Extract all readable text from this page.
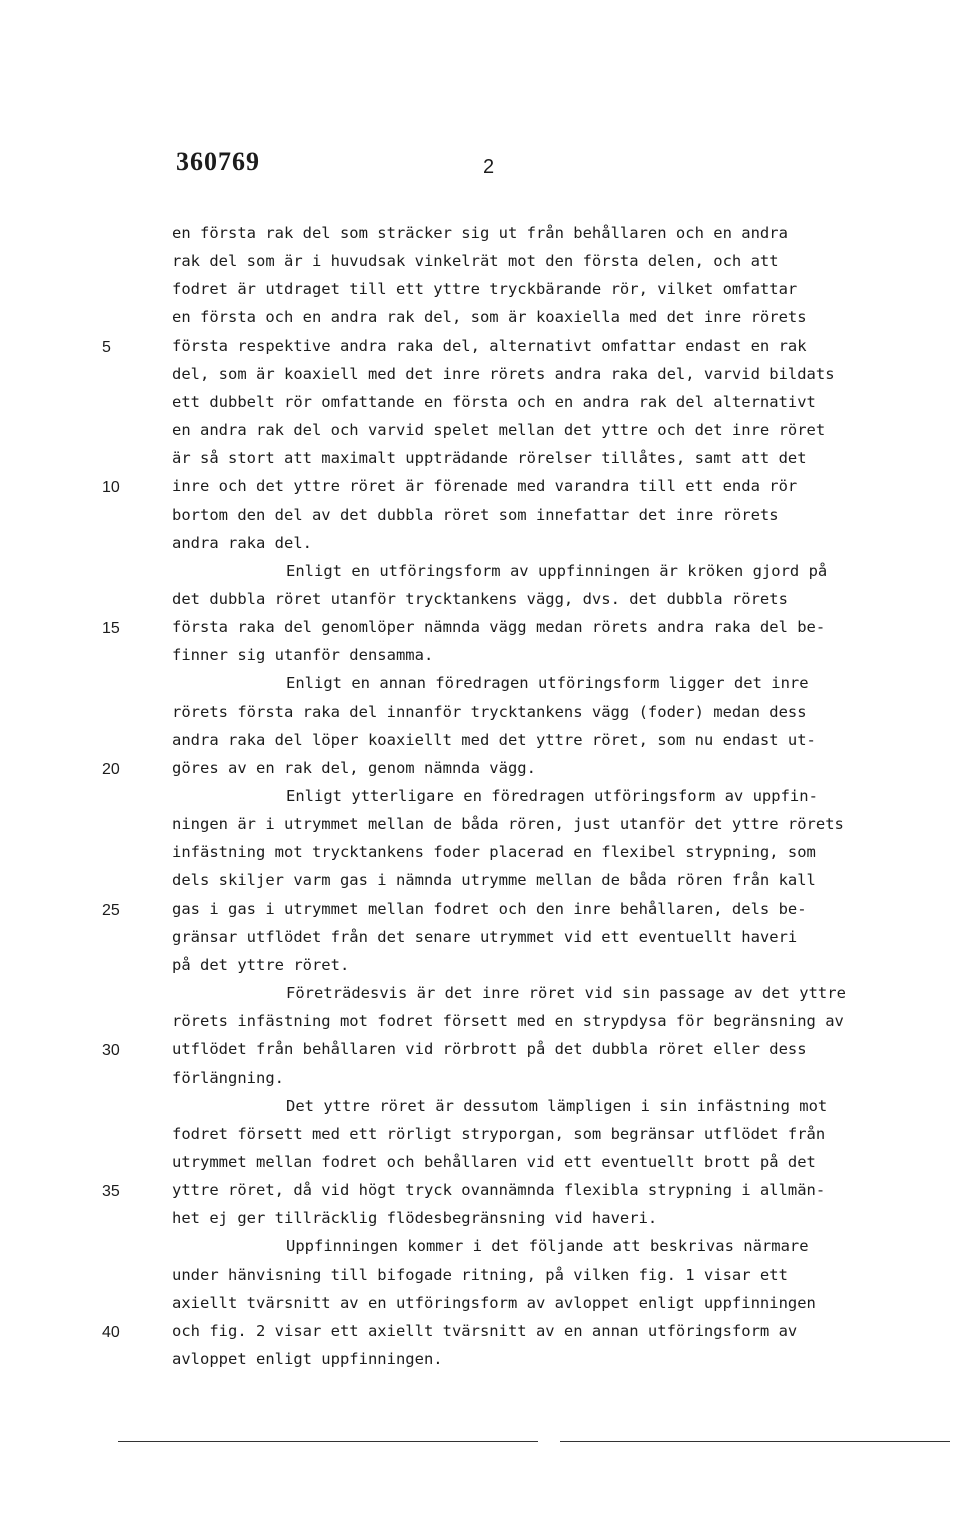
360769	2
en första rak del som sträcker sig ut från behållaren och en andra
rak del som är i huvudsak vinkelrät mot den första delen, och att
fodret är utdraget till ett yttre tryckbärande rör, vilket omfattar
en första och en andra rak del, som är koaxiella med det inre rörets
första respektive andra raka del, alternativt omfattar endast en rak
del, som är koaxiell med det inre rörets andra raka del, varvid bildats
ett dubbelt rör omfattande en första och en andra rak del alternativt
en andra rak del och varvid spelet mellan det yttre och det inre röret
är så stort att maximalt uppträdande rörelser tillåtes, samt att det
inre och det yttre röret är förenade med varandra till ett enda rör
bortom den del av det dubbla röret som innefattar det inre rörets
andra raka del.
Enligt en utföringsform av uppfinningen är kröken gjord på
det dubbla röret utanför trycktankens vägg, dvs. det dubbla rörets
första raka del genomlöper nämnda vägg medan rörets andra raka del be-
finner sig utanför densamma.
Enligt en annan föredragen utföringsform ligger det inre
rörets första raka del innanför trycktankens vägg (foder) medan dess
andra raka del löper koaxiellt med det yttre röret, som nu endast ut-
göres av en rak del, genom nämnda vägg.
Enligt ytterligare en föredragen utföringsform av uppfin-
ningen är i utrymmet mellan de båda rören, just utanför det yttre rörets
infästning mot trycktankens foder placerad en flexibel strypning, som
dels skiljer varm gas i nämnda utrymme mellan de båda rören från kall
gas i gas i utrymmet mellan fodret och den inre behållaren, dels be-
gränsar utflödet från det senare utrymmet vid ett eventuellt haveri
på det yttre röret.
Företrädesvis är det inre röret vid sin passage av det yttre
rörets infästning mot fodret försett med en strypdysa för begränsning av
utflödet från behållaren vid rörbrott på det dubbla röret eller dess
förlängning.
Det yttre röret är dessutom lämpligen i sin infästning mot
fodret försett med ett rörligt stryporgan, som begränsar utflödet från
utrymmet mellan fodret och behållaren vid ett eventuellt brott på det
yttre röret, då vid högt tryck ovannämnda flexibla strypning i allmän-
het ej ger tillräcklig flödesbegränsning vid haveri.
Uppfinningen kommer i det följande att beskrivas närmare
under hänvisning till bifogade ritning, på vilken fig. 1 visar ett
axiellt tvärsnitt av en utföringsform av avloppet enligt uppfinningen
och fig. 2 visar ett axiellt tvärsnitt av en annan utföringsform av
avloppet enligt uppfinningen.
5
10
15
20
25
30
35
40
